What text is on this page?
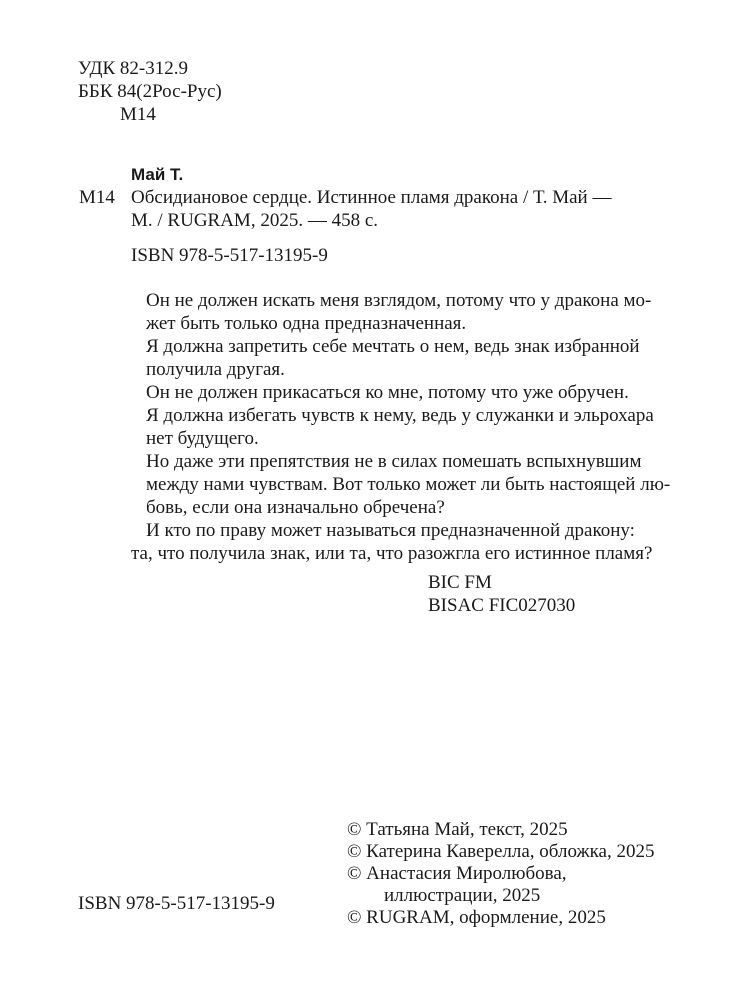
УДК 82-312.9
ББК 84(2Рос-Рус)
М14
Май Т.
М14 Обсидиановое сердце. Истинное пламя дракона / Т. Май —
М. / RUGRAM, 2025. — 458 с.
ISBN 978-5-517-13195-9

Он не должен искать меня взглядом, потому что у дракона мо-
жет быть только одна предназначенная.

Я должна запретить себе мечтать о нем, ведь знак избранной
получила другая.

Он не должен прикасаться ко мне, потому что уже обручен.

Я должна избегать чувств к нему, ведь у служанки и эльрохара
нет будущего.

Но даже эти препятствия не в силах помешать вспыхнувшим
между нами чувствам. Вот только может ли быть настоящей лю-
бовь, если она изначально обречена?

И кто по праву может называться предназначенной дракону:
та, что получила знак, или та, что разожгла его истинное пламя?

BIC FM
BISAC FIC027030
© Татьяна Май, текст, 2025
© Катерина Каверелла, обложка, 2025
© Анастасия Миролюбова,
иллюстрации, 2025
© RUGRAM, оформление, 2025
ISBN 978-5-517-13195-9
